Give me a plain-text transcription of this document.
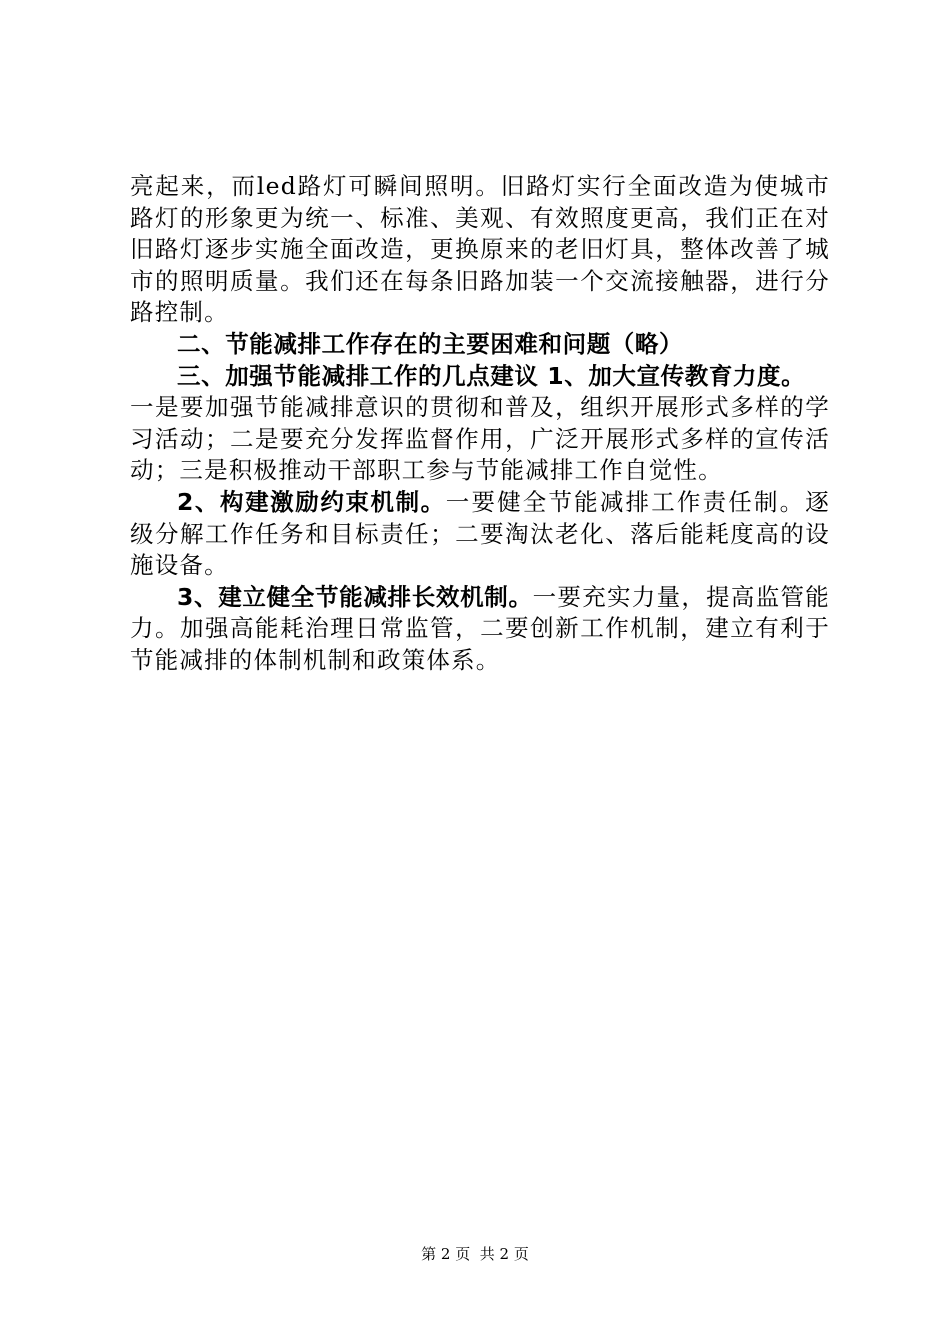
亮起来，而led路灯可瞬间照明。旧路灯实行全面改造为使城市路灯的形象更为统一、标准、美观、有效照度更高，我们正在对旧路灯逐步实施全面改造，更换原来的老旧灯具，整体改善了城市的照明质量。我们还在每条旧路加装一个交流接触器，进行分路控制。

二、节能减排工作存在的主要困难和问题（略）

三、加强节能减排工作的几点建议 1、加大宣传教育力度。

一是要加强节能减排意识的贯彻和普及，组织开展形式多样的学习活动；二是要充分发挥监督作用，广泛开展形式多样的宣传活动；三是积极推动干部职工参与节能减排工作自觉性。

2、构建激励约束机制。一要健全节能减排工作责任制。逐级分解工作任务和目标责任；二要淘汰老化、落后能耗度高的设施设备。

3、建立健全节能减排长效机制。一要充实力量，提高监管能力。加强高能耗治理日常监管，二要创新工作机制，建立有利于节能减排的体制机制和政策体系。

第 2 页  共 2 页
